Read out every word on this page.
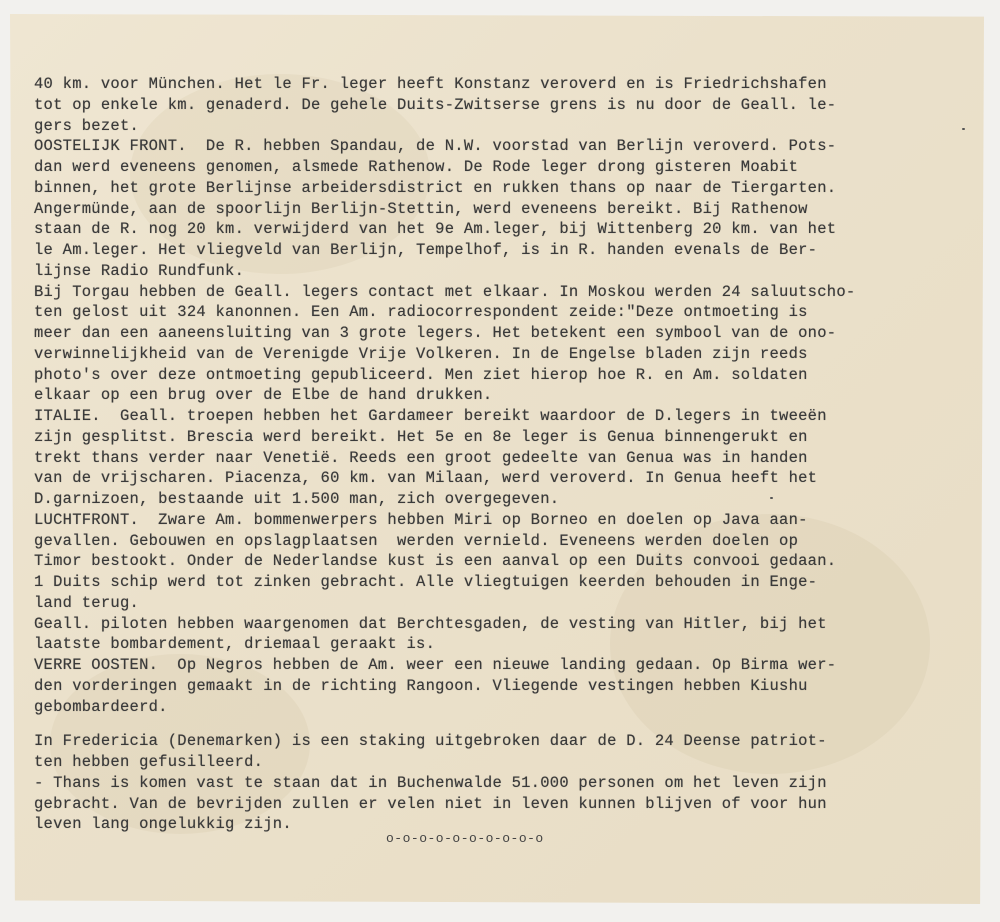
40 km. voor München. Het le Fr. leger heeft Konstanz veroverd en is Friedrichshafen
tot op enkele km. genaderd. De gehele Duits-Zwitserse grens is nu door de Geall. le-
gers bezet.
OOSTELIJK FRONT.  De R. hebben Spandau, de N.W. voorstad van Berlijn veroverd. Pots-
dan werd eveneens genomen, alsmede Rathenow. De Rode leger drong gisteren Moabit
binnen, het grote Berlijnse arbeidersdistrict en rukken thans op naar de Tiergarten.
Angermünde, aan de spoorlijn Berlijn-Stettin, werd eveneens bereikt. Bij Rathenow
staan de R. nog 20 km. verwijderd van het 9e Am.leger, bij Wittenberg 20 km. van het
le Am.leger. Het vliegveld van Berlijn, Tempelhof, is in R. handen evenals de Ber-
lijnse Radio Rundfunk.
Bij Torgau hebben de Geall. legers contact met elkaar. In Moskou werden 24 saluutscho-
ten gelost uit 324 kanonnen. Een Am. radiocorrespondent zeide:"Deze ontmoeting is
meer dan een aaneensluiting van 3 grote legers. Het betekent een symbool van de ono-
verwinnelijkheid van de Verenigde Vrije Volkeren. In de Engelse bladen zijn reeds
photo's over deze ontmoeting gepubliceerd. Men ziet hierop hoe R. en Am. soldaten
elkaar op een brug over de Elbe de hand drukken.
ITALIE.  Geall. troepen hebben het Gardameer bereikt waardoor de D.legers in tweeën
zijn gesplitst. Brescia werd bereikt. Het 5e en 8e leger is Genua binnengerukt en
trekt thans verder naar Venetië. Reeds een groot gedeelte van Genua was in handen
van de vrijscharen. Piacenza, 60 km. van Milaan, werd veroverd. In Genua heeft het
D.garnizoen, bestaande uit 1.500 man, zich overgegeven.
LUCHTFRONT.  Zware Am. bommenwerpers hebben Miri op Borneo en doelen op Java aan-
gevallen. Gebouwen en opslagplaatsen  werden vernield. Eveneens werden doelen op
Timor bestookt. Onder de Nederlandse kust is een aanval op een Duits convooi gedaan.
1 Duits schip werd tot zinken gebracht. Alle vliegtuigen keerden behouden in Enge-
land terug.
Geall. piloten hebben waargenomen dat Berchtesgaden, de vesting van Hitler, bij het
laatste bombardement, driemaal geraakt is.
VERRE OOSTEN.  Op Negros hebben de Am. weer een nieuwe landing gedaan. Op Birma wer-
den vorderingen gemaakt in de richting Rangoon. Vliegende vestingen hebben Kiushu
gebombardeerd.
In Fredericia (Denemarken) is een staking uitgebroken daar de D. 24 Deense patriot-
ten hebben gefusilleerd.
- Thans is komen vast te staan dat in Buchenwalde 51.000 personen om het leven zijn
gebracht. Van de bevrijden zullen er velen niet in leven kunnen blijven of voor hun
leven lang ongelukkig zijn.
o-o-o-o-o-o-o-o-o-o
